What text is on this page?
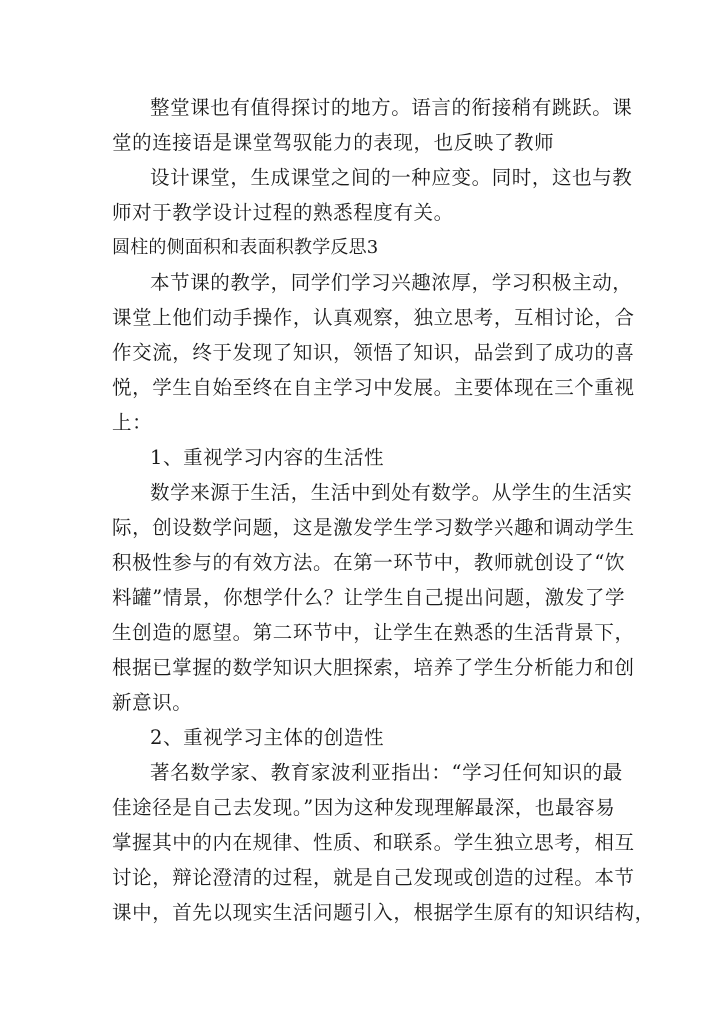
整堂课也有值得探讨的地方。语言的衔接稍有跳跃。课
堂的连接语是课堂驾驭能力的表现，也反映了教师
设计课堂，生成课堂之间的一种应变。同时，这也与教
师对于教学设计过程的熟悉程度有关。
圆柱的侧面积和表面积教学反思3
本节课的教学，同学们学习兴趣浓厚，学习积极主动，
课堂上他们动手操作，认真观察，独立思考，互相讨论，合
作交流，终于发现了知识，领悟了知识，品尝到了成功的喜
悦，学生自始至终在自主学习中发展。主要体现在三个重视
上：
1、重视学习内容的生活性
数学来源于生活，生活中到处有数学。从学生的生活实
际，创设数学问题，这是激发学生学习数学兴趣和调动学生
积极性参与的有效方法。在第一环节中，教师就创设了“饮
料罐”情景，你想学什么？让学生自己提出问题，激发了学
生创造的愿望。第二环节中，让学生在熟悉的生活背景下，
根据已掌握的数学知识大胆探索，培养了学生分析能力和创
新意识。
2、重视学习主体的创造性
著名数学家、教育家波利亚指出：“学习任何知识的最
佳途径是自己去发现。”因为这种发现理解最深，也最容易
掌握其中的内在规律、性质、和联系。学生独立思考，相互
讨论，辩论澄清的过程，就是自己发现或创造的过程。本节
课中，首先以现实生活问题引入，根据学生原有的知识结构，
